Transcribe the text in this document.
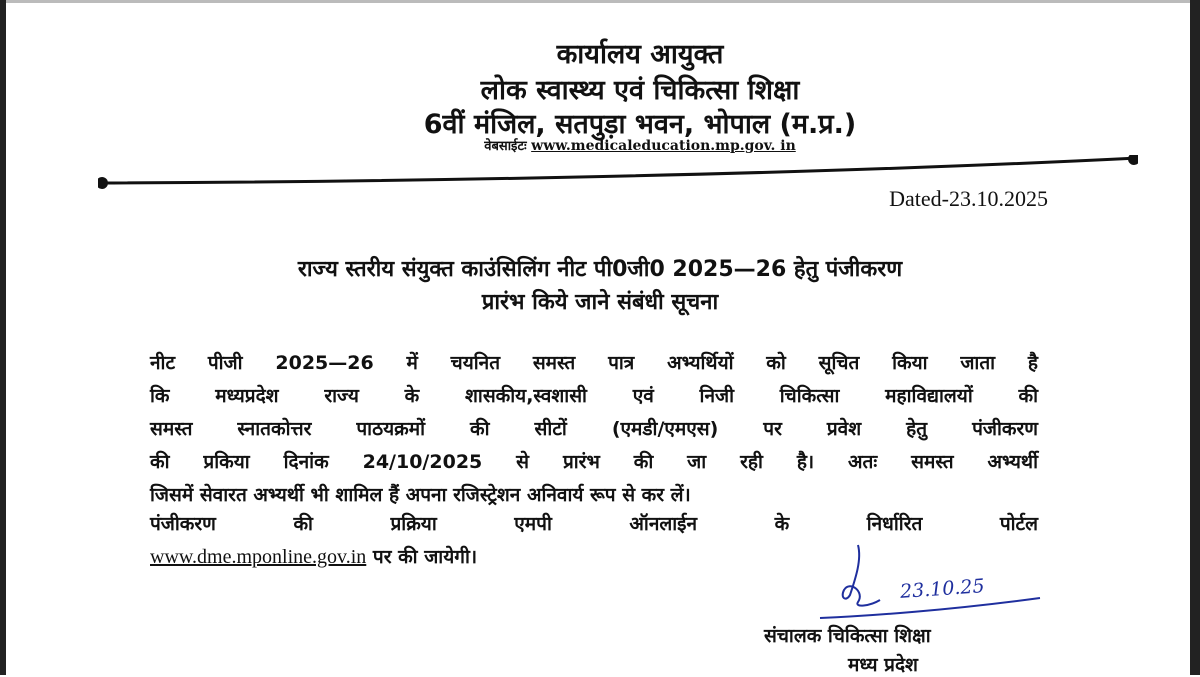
कार्यालय आयुक्त
लोक स्वास्थ्य एवं चिकित्सा शिक्षा
6वीं मंजिल, सतपुड़ा भवन, भोपाल (म.प्र.)
वेबसाईटः www.medicaleducation.mp.gov. in
Dated-23.10.2025
राज्य स्तरीय संयुक्त काउंसिलिंग नीट पी0जी0 2025—26 हेतु पंजीकरण
प्रारंभ किये जाने संबंधी सूचना
नीट पीजी 2025—26 में चयनित समस्त पात्र अभ्यर्थियों को सूचित किया जाता है
कि मध्यप्रदेश राज्य के शासकीय,स्वशासी एवं निजी चिकित्सा महाविद्यालयों की
समस्त स्नातकोत्तर पाठयक्रमों की सीटों (एमडी/एमएस) पर प्रवेश हेतु पंजीकरण
की प्रकिया दिनांक 24/10/2025 से प्रारंभ की जा रही है। अतः समस्त अभ्यर्थी
जिसमें सेवारत अभ्यर्थी भी शामिल हैं अपना रजिस्ट्रेशन अनिवार्य रूप से कर लें।
पंजीकरण की प्रक्रिया एमपी ऑनलाईन के निर्धारित पोर्टल
www.dme.mponline.gov.in पर की जायेगी।
23.10.25
संचालक चिकित्सा शिक्षा
मध्य प्रदेश
